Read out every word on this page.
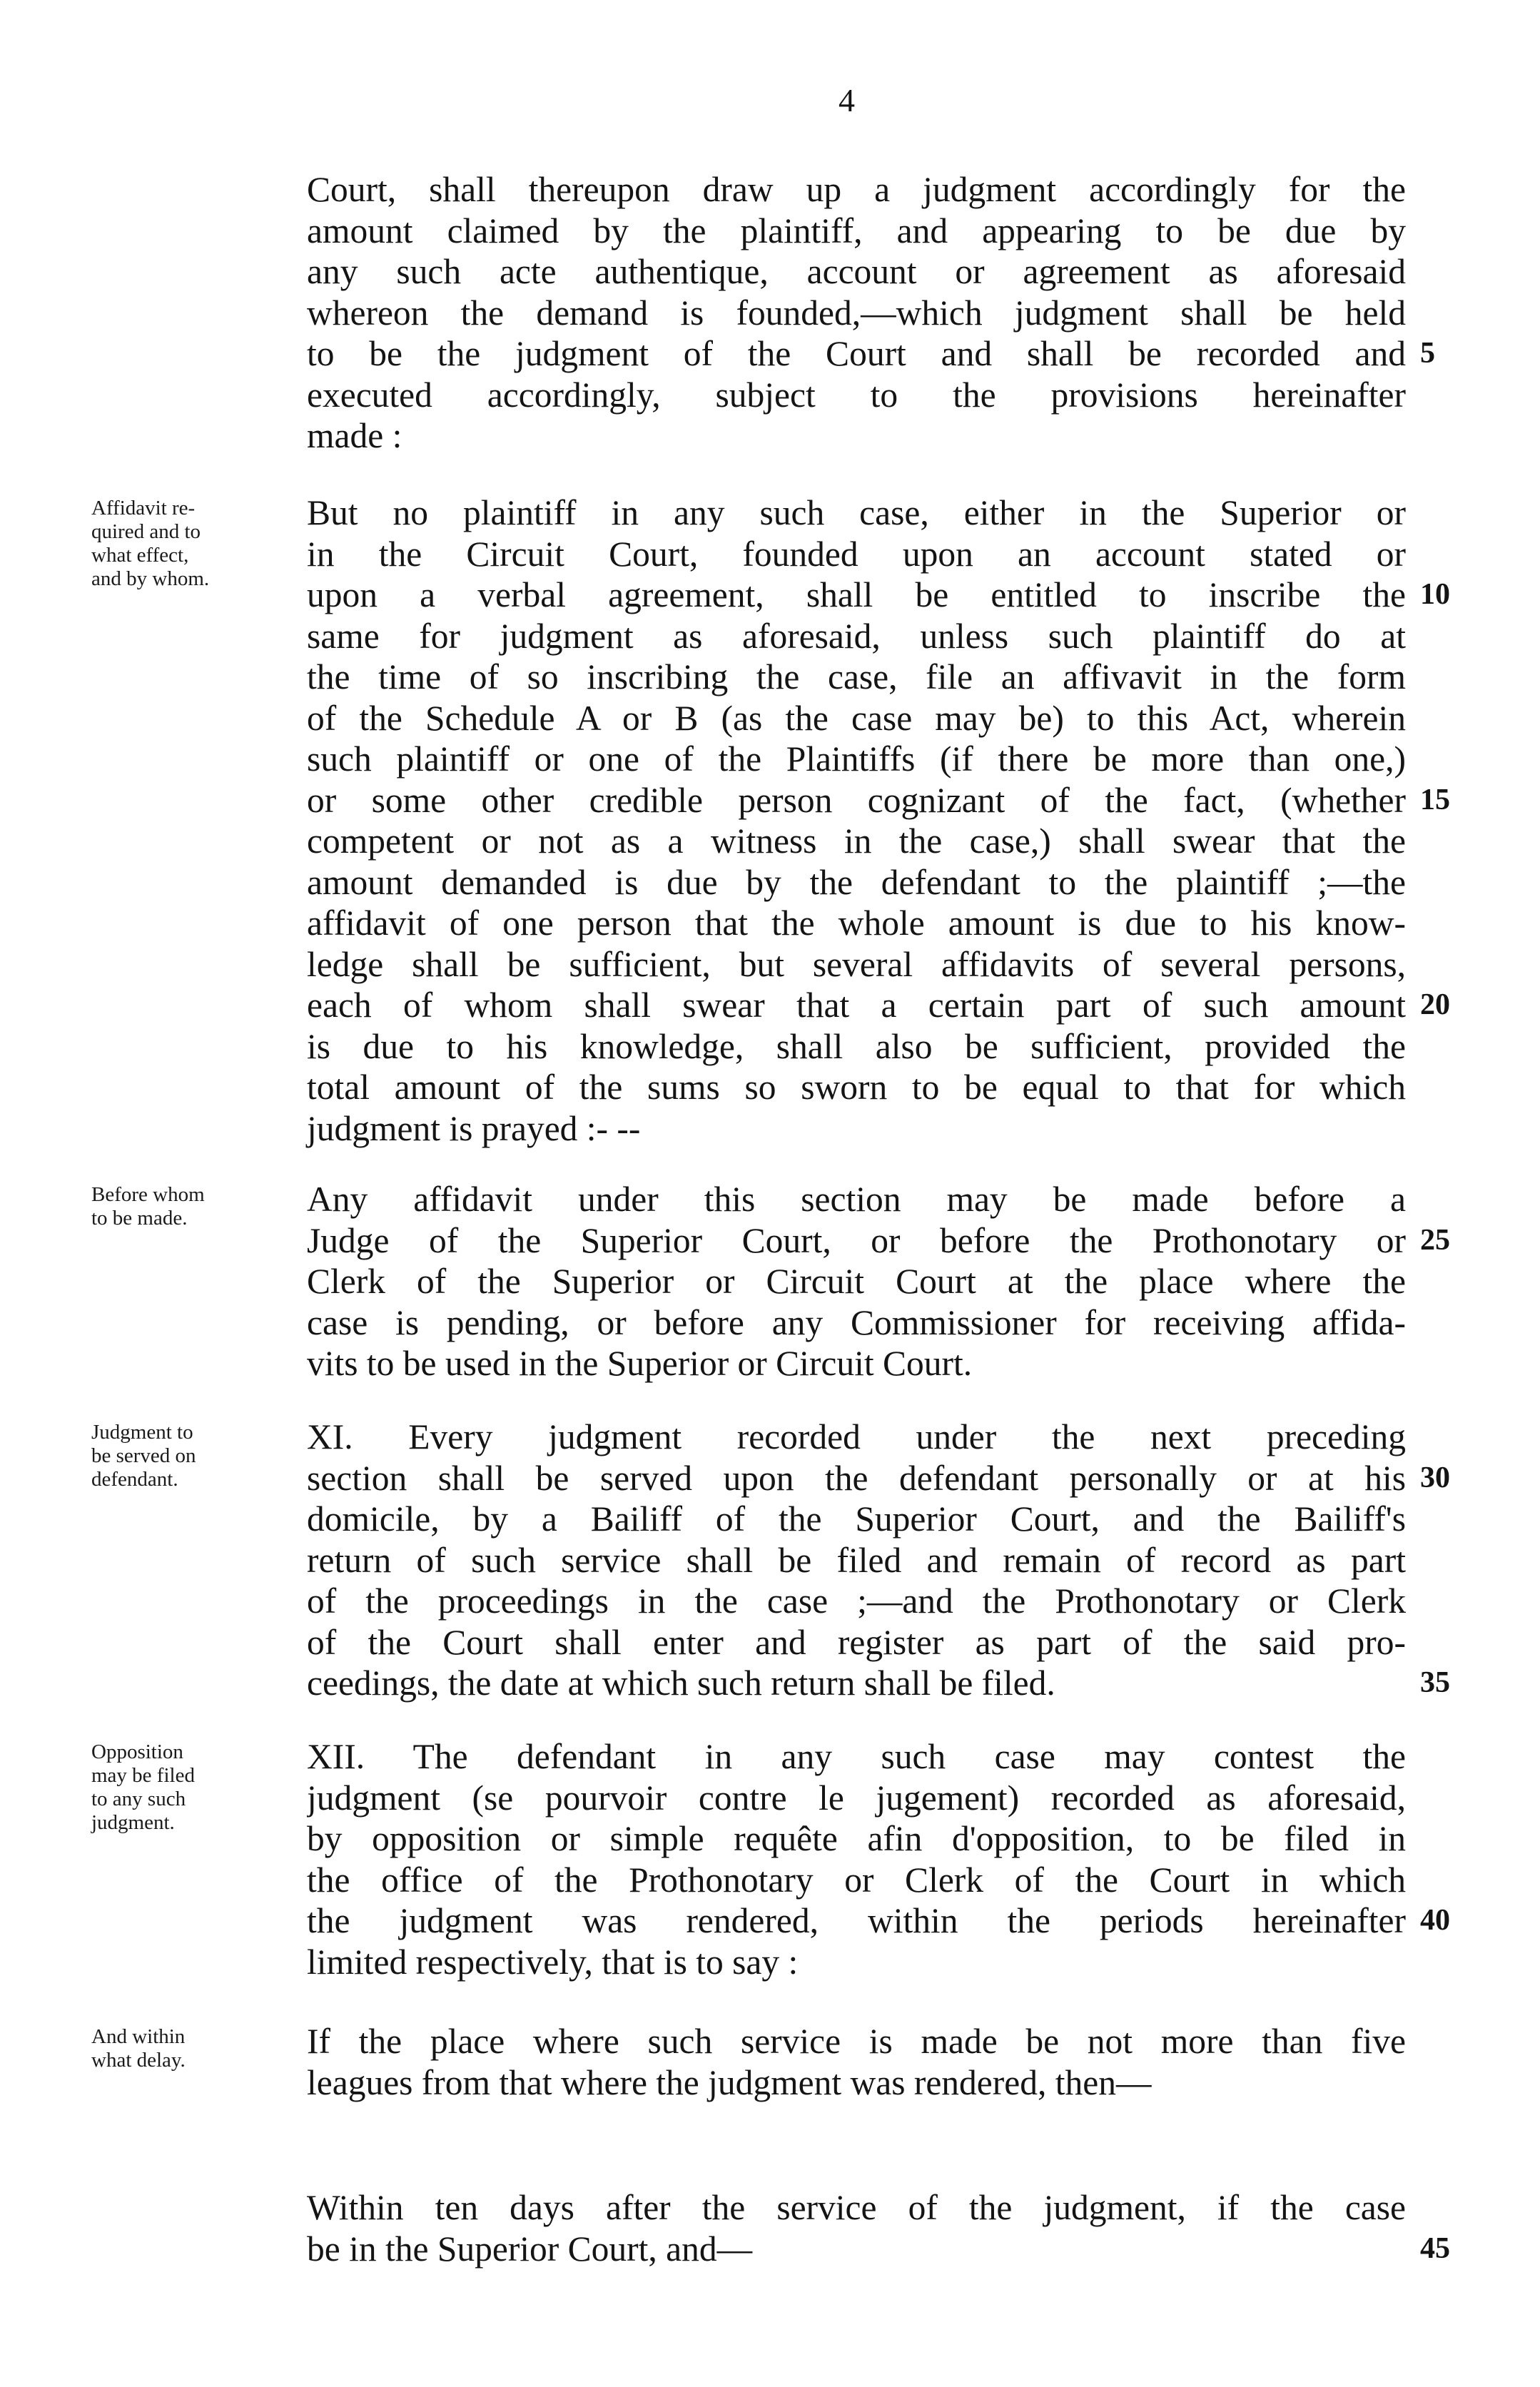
4
Court, shall thereupon draw up a judgment accordingly for the
amount claimed by the plaintiff, and appearing to be due by
any such acte authentique, account or agreement as aforesaid
whereon the demand is founded,—which judgment shall be held
to be the judgment of the Court and shall be recorded and 5
executed accordingly, subject to the provisions hereinafter
made :
Affidavit re-
quired and to
what effect,
and by whom.
But no plaintiff in any such case, either in the Superior or
in the Circuit Court, founded upon an account stated or
upon a verbal agreement, shall be entitled to inscribe the 10
same for judgment as aforesaid, unless such plaintiff do at
the time of so inscribing the case, file an affivavit in the form
of the Schedule A or B (as the case may be) to this Act, wherein
such plaintiff or one of the Plaintiffs (if there be more than one,)
or some other credible person cognizant of the fact, (whether 15
competent or not as a witness in the case,) shall swear that the
amount demanded is due by the defendant to the plaintiff ;—the
affidavit of one person that the whole amount is due to his know-
ledge shall be sufficient, but several affidavits of several persons,
each of whom shall swear that a certain part of such amount 20
is due to his knowledge, shall also be sufficient, provided the
total amount of the sums so sworn to be equal to that for which
judgment is prayed :- --
Before whom
to be made.	Any affidavit under this section may be made before a
Judge of the Superior Court, or before the Prothonotary or 25
Clerk of the Superior or Circuit Court at the place where the
case is pending, or before any Commissioner for receiving affida-
vits to be used in the Superior or Circuit Court.
Judgment to
be served on
defendant.
XI. Every judgment recorded under the next preceding
section shall be served upon the defendant personally or at his 30
domicile, by a Bailiff of the Superior Court, and the Bailiff's
return of such service shall be filed and remain of record as part
of the proceedings in the case ;—and the Prothonotary or Clerk
of the Court shall enter and register as part of the said pro-
ceedings, the date at which such return shall be filed.	35
Opposition
may be filed
to any such
judgment.
XII. The defendant in any such case may contest the
judgment (se pourvoir contre le jugement) recorded as aforesaid,
by opposition or simple requête afin d'opposition, to be filed in
the office of the Prothonotary or Clerk of the Court in which
the judgment was rendered, within the periods hereinafter 40
limited respectively, that is to say :
And within
what delay.	If the place where such service is made be not more than five
leagues from that where the judgment was rendered, then—
Within ten days after the service of the judgment, if the case
be in the Superior Court, and—	45
